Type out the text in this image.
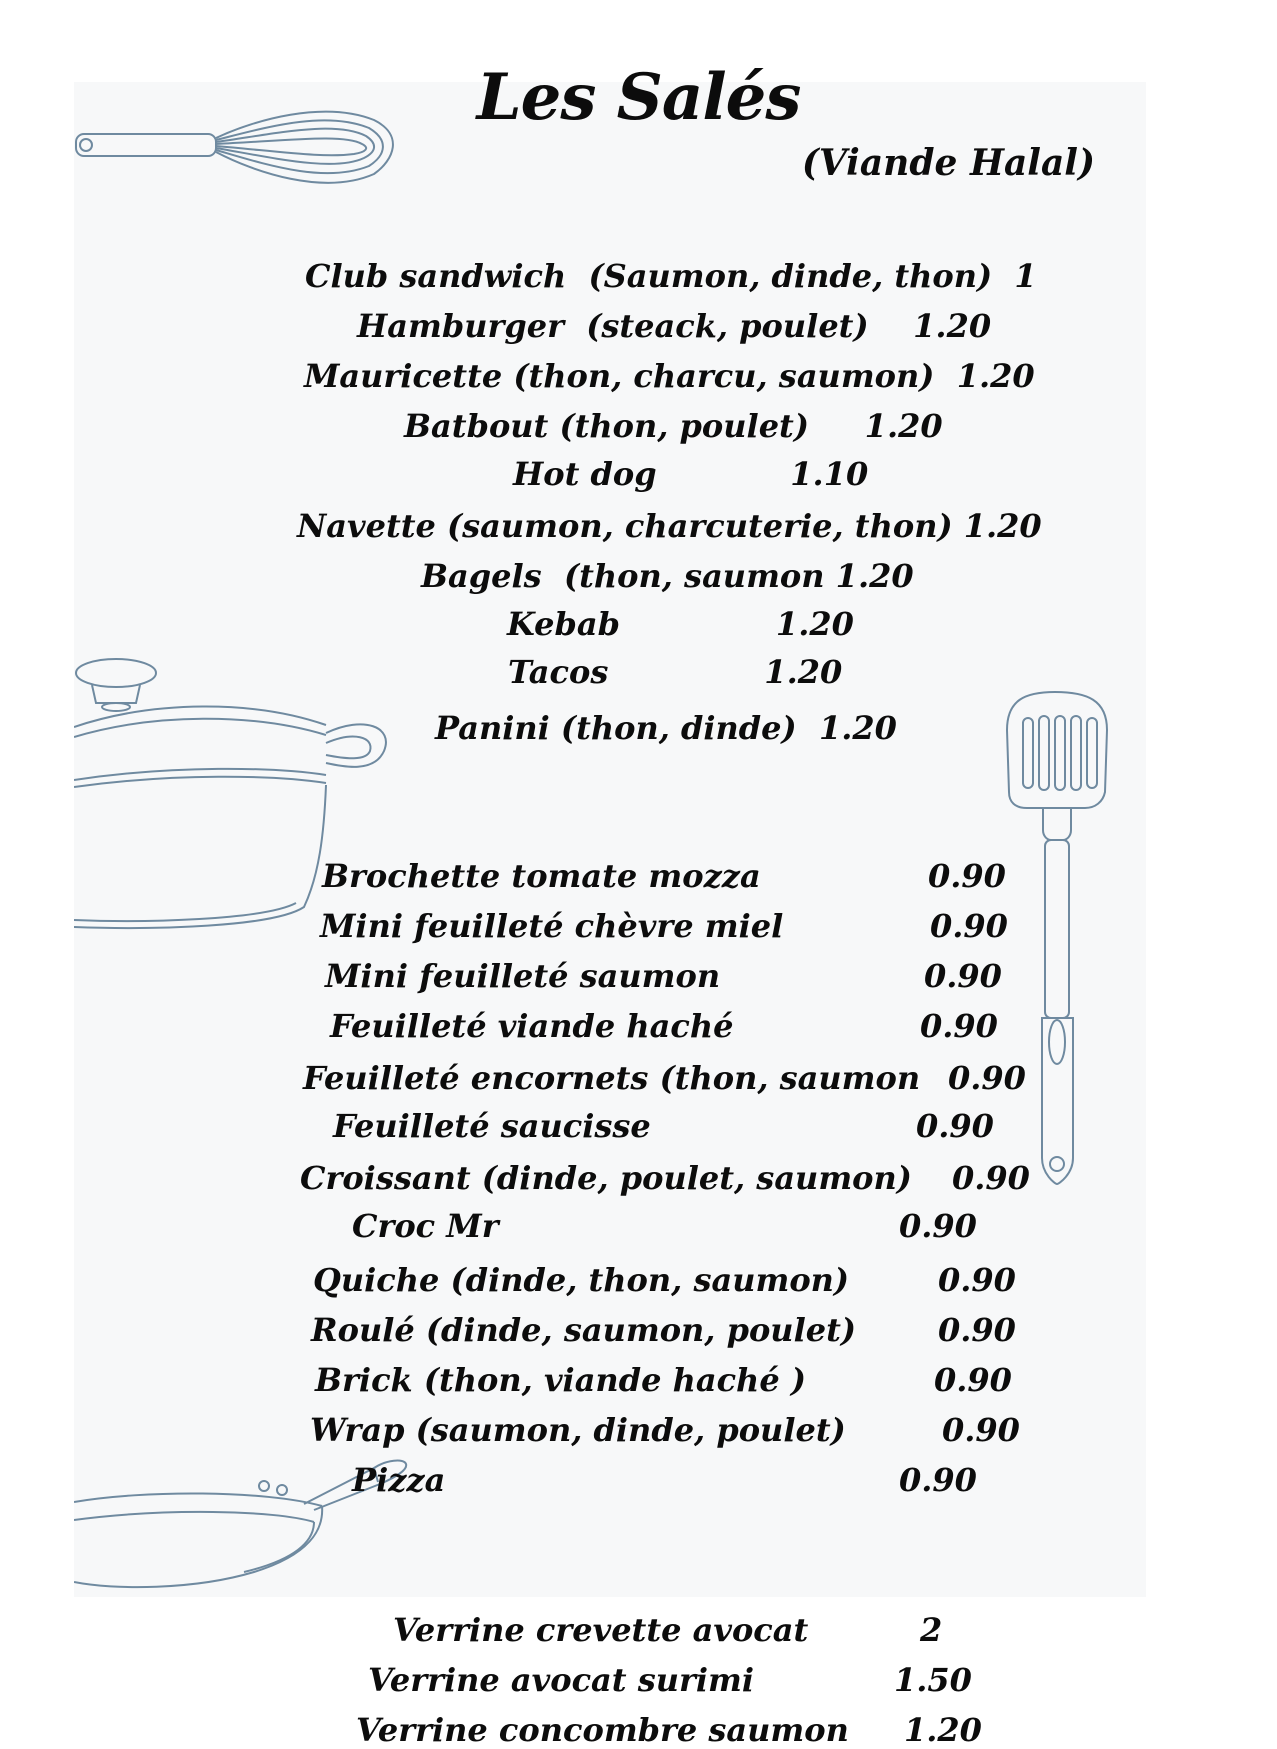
Les Salés
(Viande Halal)
Club sandwich  (Saumon, dinde, thon)  1
Hamburger  (steack, poulet)    1.20
Mauricette (thon, charcu, saumon)  1.20
Batbout (thon, poulet)     1.20
Hot dog            1.10
Navette (saumon, charcuterie, thon) 1.20
Bagels  (thon, saumon 1.20
Kebab              1.20
Tacos              1.20
Panini (thon, dinde)  1.20
Brochette tomate mozza	0.90
Mini feuilleté chèvre miel	0.90
Mini feuilleté saumon	0.90
Feuilleté viande haché	0.90
Feuilleté encornets (thon, saumon 0.90
Feuilleté saucisse	0.90
Croissant (dinde, poulet, saumon) 0.90
Croc Mr	0.90
Quiche (dinde, thon, saumon)	0.90
Roulé (dinde, saumon, poulet)	0.90
Brick (thon, viande haché )	0.90
Wrap (saumon, dinde, poulet)	0.90
Pizza	0.90
Verrine crevette avocat	2
Verrine avocat surimi	1.50
Verrine concombre saumon 1.20
